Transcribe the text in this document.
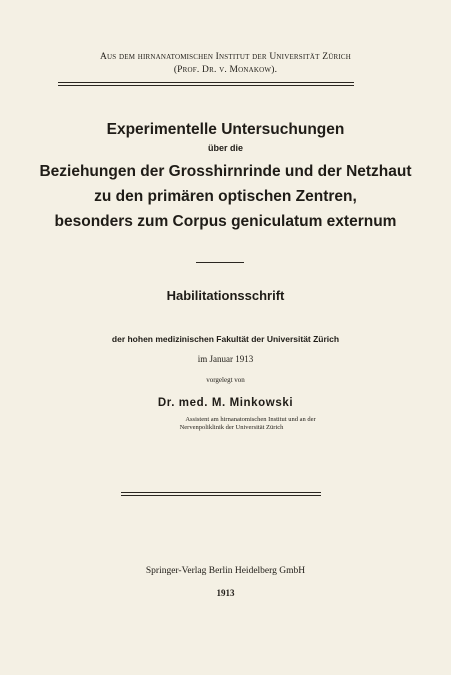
Aus dem hirnanatomischen Institut der Universität Zürich
(Prof. Dr. v. Monakow).
Experimentelle Untersuchungen
über die
Beziehungen der Grosshirnrinde und der Netzhaut
zu den primären optischen Zentren,
besonders zum Corpus geniculatum externum
Habilitationsschrift
der hohen medizinischen Fakultät der Universität Zürich
im Januar 1913
vorgelegt von
Dr. med. M. Minkowski
Assistent am hirnanatomischen Institut und an der
Nervenpoliklinik der Universität Zürich
Springer-Verlag Berlin Heidelberg GmbH
1913
